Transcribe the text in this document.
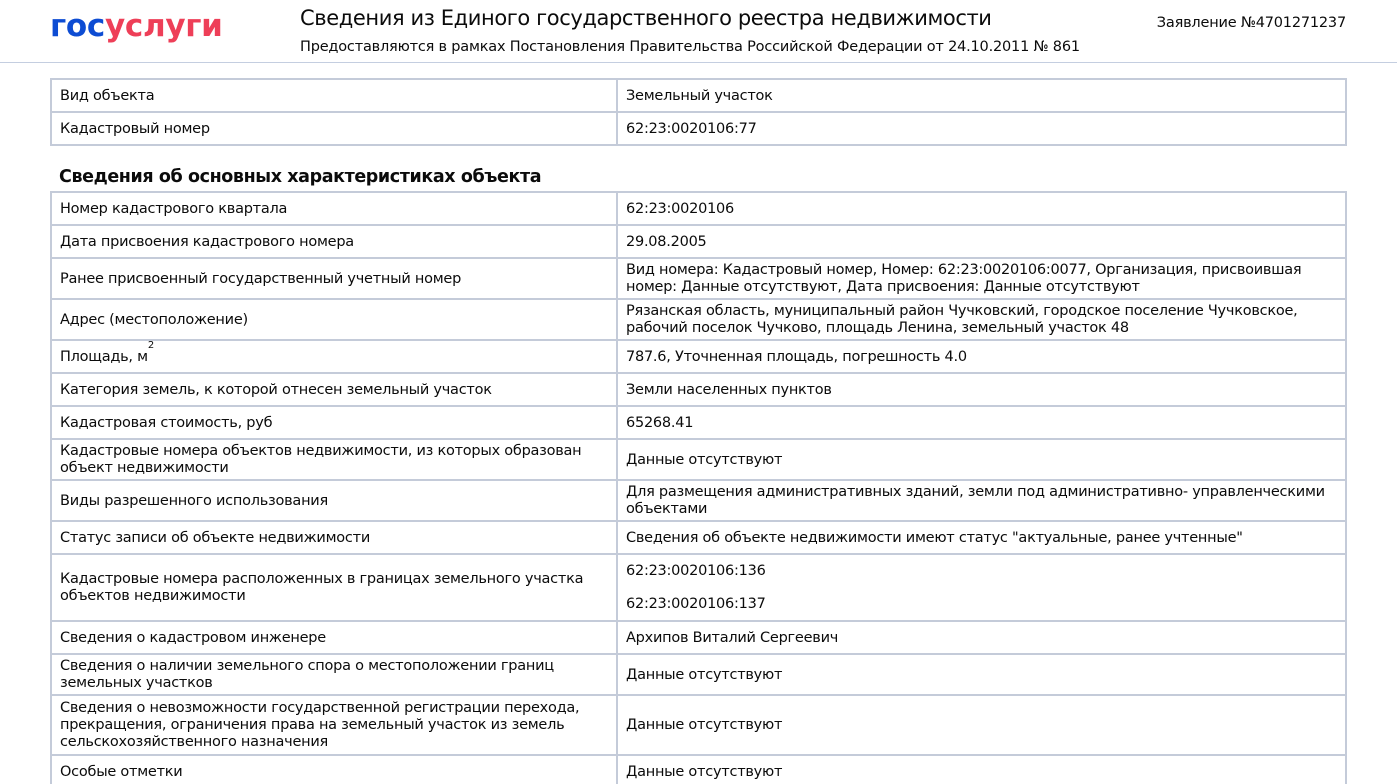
госуслуги	Сведения из Единого государственного реестра недвижимости
Предоставляются в рамках Постановления Правительства Российской Федерации от 24.10.2011 № 861
Заявление №4701271237
Вид объекта	Земельный участок
Кадастровый номер	62:23:0020106:77
Сведения об основных характеристиках объекта
Номер кадастрового квартала	62:23:0020106
Дата присвоения кадастрового номера	29.08.2005
Ранее присвоенный государственный учетный номер	Вид номера: Кадастровый номер, Номер: 62:23:0020106:0077, Организация, присвоившая номер: Данные отсутствуют, Дата присвоения: Данные отсутствуют
Адрес (местоположение)	Рязанская область, муниципальный район Чучковский, городское поселение Чучковское, рабочий поселок Чучково, площадь Ленина, земельный участок 48
Площадь, $м^2$	787.6, Уточненная площадь, погрешность 4.0
Категория земель, к которой отнесен земельный участок	Земли населенных пунктов
Кадастровая стоимость, руб	65268.41
Кадастровые номера объектов недвижимости, из которых образован объект недвижимости	Данные отсутствуют
Виды разрешенного использования	Для размещения административных зданий, земли под административно- управленческими объектами
Статус записи об объекте недвижимости	Сведения об объекте недвижимости имеют статус "актуальные, ранее учтенные"
Кадастровые номера расположенных в границах земельного участка объектов недвижимости	62:23:0020106:136
62:23:0020106:137

Сведения о кадастровом инженере	Архипов Виталий Сергеевич
Сведения о наличии земельного спора о местоположении границ земельных участков	Данные отсутствуют
Сведения о невозможности государственной регистрации перехода, прекращения, ограничения права на земельный участок из земель сельскохозяйственного назначения	Данные отсутствуют
Особые отметки	Данные отсутствуют
